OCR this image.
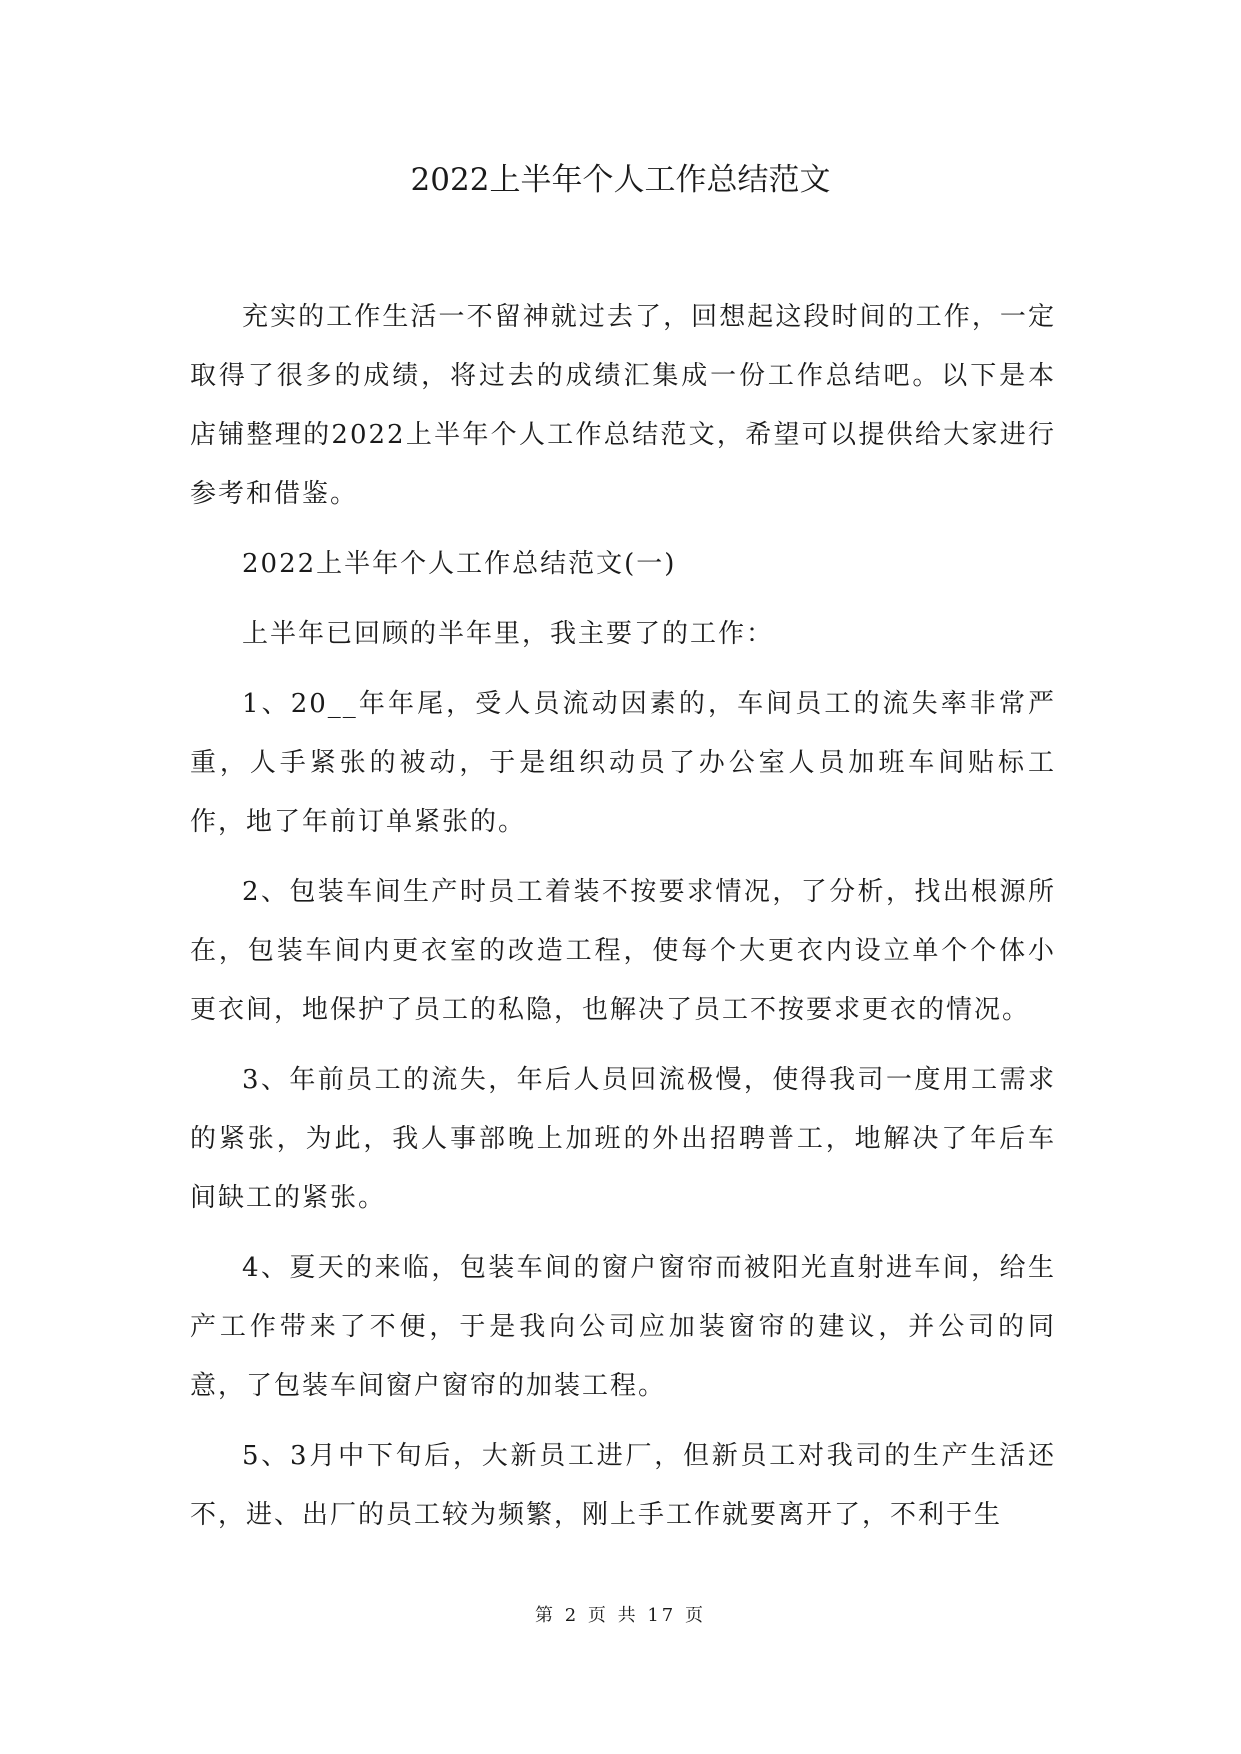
2022上半年个人工作总结范文

充实的工作生活一不留神就过去了，回想起这段时间的工作，一定取得了很多的成绩，将过去的成绩汇集成一份工作总结吧。以下是本店铺整理的2022上半年个人工作总结范文，希望可以提供给大家进行参考和借鉴。

2022上半年个人工作总结范文(一)

上半年已回顾的半年里，我主要了的工作：

1、20__年年尾，受人员流动因素的，车间员工的流失率非常严重，人手紧张的被动，于是组织动员了办公室人员加班车间贴标工作，地了年前订单紧张的。

2、包装车间生产时员工着装不按要求情况，了分析，找出根源所在，包装车间内更衣室的改造工程，使每个大更衣内设立单个个体小更衣间，地保护了员工的私隐，也解决了员工不按要求更衣的情况。

3、年前员工的流失，年后人员回流极慢，使得我司一度用工需求的紧张，为此，我人事部晚上加班的外出招聘普工，地解决了年后车间缺工的紧张。

4、夏天的来临，包装车间的窗户窗帘而被阳光直射进车间，给生产工作带来了不便，于是我向公司应加装窗帘的建议，并公司的同意，了包装车间窗户窗帘的加装工程。

5、3月中下旬后，大新员工进厂，但新员工对我司的生产生活还不，进、出厂的员工较为频繁，刚上手工作就要离开了，不利于生

第 2 页 共 17 页
